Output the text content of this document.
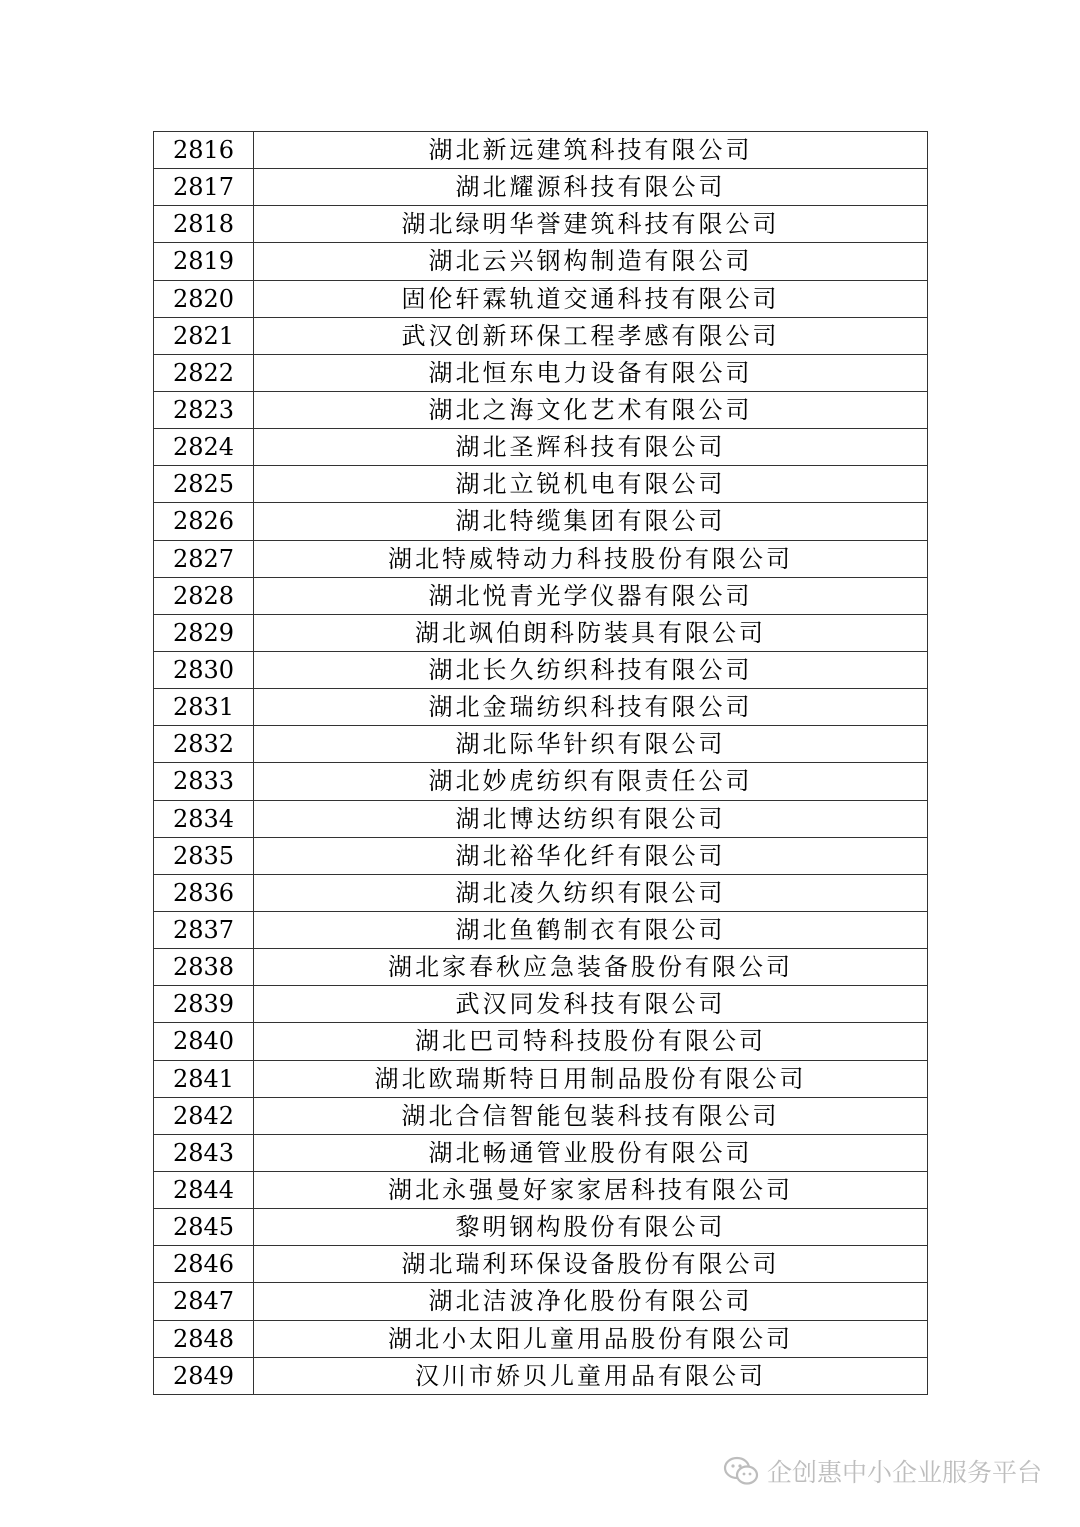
2816	湖北新远建筑科技有限公司
2817	湖北耀源科技有限公司
2818	湖北绿明华誉建筑科技有限公司
2819	湖北云兴钢构制造有限公司
2820	固伦轩霖轨道交通科技有限公司
2821	武汉创新环保工程孝感有限公司
2822	湖北恒东电力设备有限公司
2823	湖北之海文化艺术有限公司
2824	湖北圣辉科技有限公司
2825	湖北立锐机电有限公司
2826	湖北特缆集团有限公司
2827	湖北特威特动力科技股份有限公司
2828	湖北悦青光学仪器有限公司
2829	湖北飒伯朗科防装具有限公司
2830	湖北长久纺织科技有限公司
2831	湖北金瑞纺织科技有限公司
2832	湖北际华针织有限公司
2833	湖北妙虎纺织有限责任公司
2834	湖北博达纺织有限公司
2835	湖北裕华化纤有限公司
2836	湖北凌久纺织有限公司
2837	湖北鱼鹤制衣有限公司
2838	湖北家春秋应急装备股份有限公司
2839	武汉同发科技有限公司
2840	湖北巴司特科技股份有限公司
2841	湖北欧瑞斯特日用制品股份有限公司
2842	湖北合信智能包装科技有限公司
2843	湖北畅通管业股份有限公司
2844	湖北永强曼好家家居科技有限公司
2845	黎明钢构股份有限公司
2846	湖北瑞利环保设备股份有限公司
2847	湖北洁波净化股份有限公司
2848	湖北小太阳儿童用品股份有限公司
2849	汉川市娇贝儿童用品有限公司
企创惠中小企业服务平台
